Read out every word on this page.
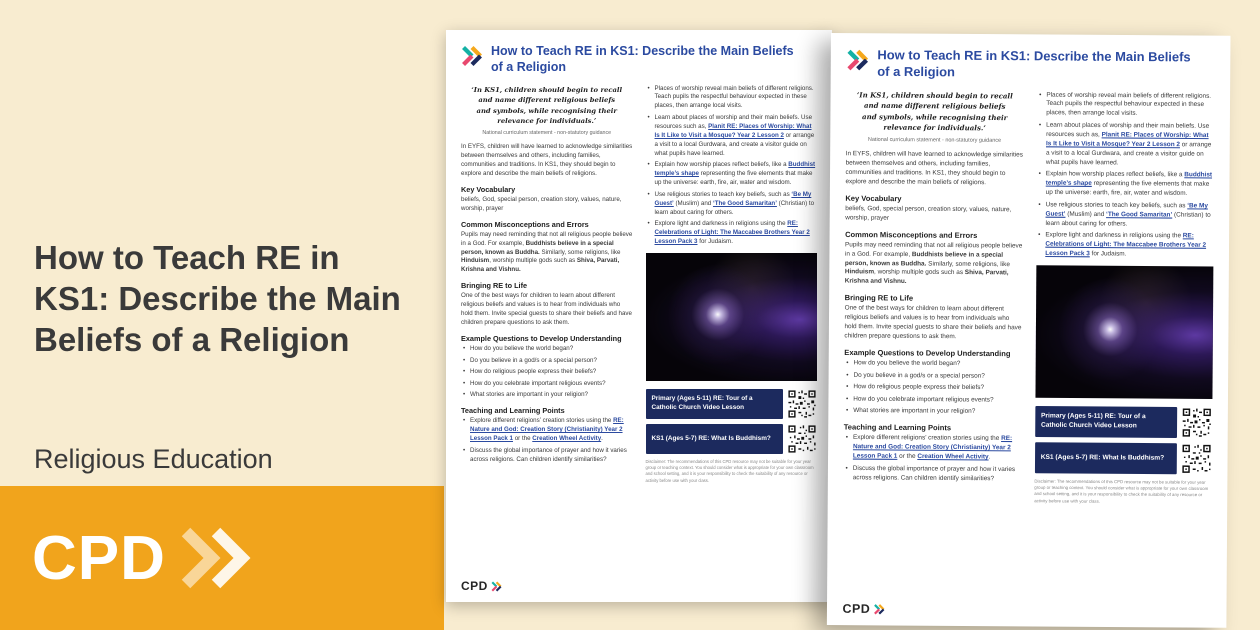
How to Teach RE in KS1: Describe the Main Beliefs of a Religion
Religious Education
CPD
How to Teach RE in KS1: Describe the Main Beliefs of a Religion
‘In KS1, children should begin to recall and name different religious beliefs and symbols, while recognising their relevance for individuals.’
National curriculum statement - non-statutory guidance

In EYFS, children will have learned to acknowledge similarities between themselves and others, including families, communities and traditions. In KS1, they should begin to explore and describe the main beliefs of religions.

Key Vocabulary

beliefs, God, special person, creation story, values, nature, worship, prayer

Common Misconceptions and Errors

Pupils may need reminding that not all religious people believe in a God. For example, Buddhists believe in a special person, known as Buddha. Similarly, some religions, like Hinduism, worship multiple gods such as Shiva, Parvati, Krishna and Vishnu.

Bringing RE to Life

One of the best ways for children to learn about different religious beliefs and values is to hear from individuals who hold them. Invite special guests to share their beliefs and have children prepare questions to ask them.

Example Questions to Develop Understanding
• How do you believe the world began?
• Do you believe in a god/s or a special person?
• How do religious people express their beliefs?
• How do you celebrate important religious events?
• What stories are important in your religion?
Teaching and Learning Points
• Explore different religions’ creation stories using the RE: Nature and God: Creation Story (Christianity) Year 2 Lesson Pack 1 or the Creation Wheel Activity.
• Discuss the global importance of prayer and how it varies across religions. Can children identify similarities?
• Places of worship reveal main beliefs of different religions. Teach pupils the respectful behaviour expected in these places, then arrange local visits.
• Learn about places of worship and their main beliefs. Use resources such as, Planit RE: Places of Worship: What Is It Like to Visit a Mosque? Year 2 Lesson 2 or arrange a visit to a local Gurdwara, and create a visitor guide on what pupils have learned.
• Explain how worship places reflect beliefs, like a Buddhist temple’s shape representing the five elements that make up the universe: earth, fire, air, water and wisdom.
• Use religious stories to teach key beliefs, such as ‘Be My Guest’ (Muslim) and ‘The Good Samaritan’ (Christian) to learn about caring for others.
• Explore light and darkness in religions using the RE: Celebrations of Light: The Maccabee Brothers Year 2 Lesson Pack 3 for Judaism.
Primary (Ages 5-11) RE: Tour of a Catholic Church Video Lesson
KS1 (Ages 5-7) RE: What Is Buddhism?

Disclaimer: The recommendations of this CPD resource may not be suitable for your year group or teaching context. You should consider what is appropriate for your own classroom and school setting, and it is your responsibility to check the suitability of any resource or activity before use with your class.

CPD
How to Teach RE in KS1: Describe the Main Beliefs of a Religion
‘In KS1, children should begin to recall and name different religious beliefs and symbols, while recognising their relevance for individuals.’
National curriculum statement - non-statutory guidance

In EYFS, children will have learned to acknowledge similarities between themselves and others, including families, communities and traditions. In KS1, they should begin to explore and describe the main beliefs of religions.

Key Vocabulary

beliefs, God, special person, creation story, values, nature, worship, prayer

Common Misconceptions and Errors

Pupils may need reminding that not all religious people believe in a God. For example, Buddhists believe in a special person, known as Buddha. Similarly, some religions, like Hinduism, worship multiple gods such as Shiva, Parvati, Krishna and Vishnu.

Bringing RE to Life

One of the best ways for children to learn about different religious beliefs and values is to hear from individuals who hold them. Invite special guests to share their beliefs and have children prepare questions to ask them.

Example Questions to Develop Understanding
• How do you believe the world began?
• Do you believe in a god/s or a special person?
• How do religious people express their beliefs?
• How do you celebrate important religious events?
• What stories are important in your religion?
Teaching and Learning Points
• Explore different religions’ creation stories using the RE: Nature and God: Creation Story (Christianity) Year 2 Lesson Pack 1 or the Creation Wheel Activity.
• Discuss the global importance of prayer and how it varies across religions. Can children identify similarities?
• Places of worship reveal main beliefs of different religions. Teach pupils the respectful behaviour expected in these places, then arrange local visits.
• Learn about places of worship and their main beliefs. Use resources such as, Planit RE: Places of Worship: What Is It Like to Visit a Mosque? Year 2 Lesson 2 or arrange a visit to a local Gurdwara, and create a visitor guide on what pupils have learned.
• Explain how worship places reflect beliefs, like a Buddhist temple’s shape representing the five elements that make up the universe: earth, fire, air, water and wisdom.
• Use religious stories to teach key beliefs, such as ‘Be My Guest’ (Muslim) and ‘The Good Samaritan’ (Christian) to learn about caring for others.
• Explore light and darkness in religions using the RE: Celebrations of Light: The Maccabee Brothers Year 2 Lesson Pack 3 for Judaism.
Primary (Ages 5-11) RE: Tour of a Catholic Church Video Lesson
KS1 (Ages 5-7) RE: What Is Buddhism?

Disclaimer: The recommendations of this CPD resource may not be suitable for your year group or teaching context. You should consider what is appropriate for your own classroom and school setting, and it is your responsibility to check the suitability of any resource or activity before use with your class.

CPD
